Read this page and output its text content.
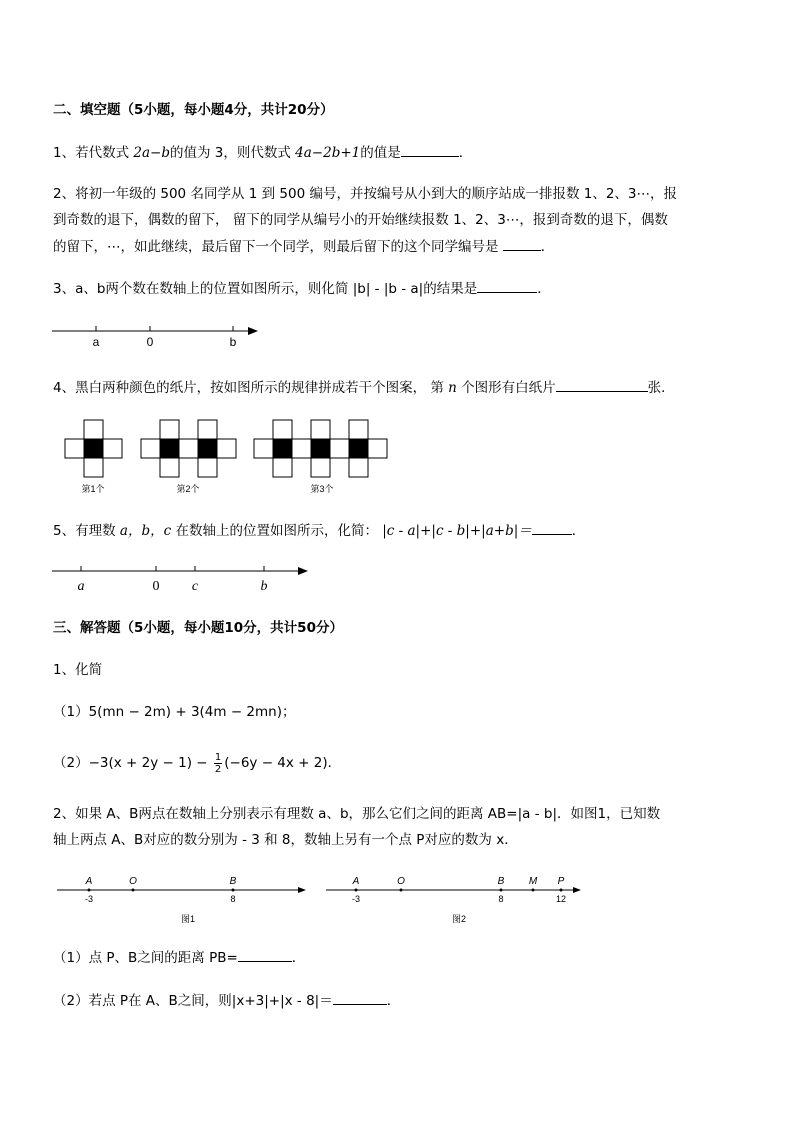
二、填空题（5小题，每小题4分，共计20分）
1、若代数式 2a−b的值为 3，则代数式 4a−2b+1的值是	．
2、将初一年级的 500 名同学从 1 到 500 编号，并按编号从小到大的顺序站成一排报数 1、2、3⋯，报
到奇数的退下，偶数的留下， 留下的同学从编号小的开始继续报数 1、2、3⋯，报到奇数的退下，偶数
的留下，⋯，如此继续，最后留下一个同学，则最后留下的这个同学编号是	．
3、a、b两个数在数轴上的位置如图所示，则化简 |b| - |b - a|的结果是	．
a	0	b
4、黑白两种颜色的纸片，按如图所示的规律拼成若干个图案， 第 n 个图形有白纸片	张．
第1个	第2个	第3个
5、有理数 a，b，c 在数轴上的位置如图所示，化简： |c - a|+|c - b|+|a+b|＝	．
a	0 c	b
三、解答题（5小题，每小题10分，共计50分）
1、化简
（1）5(mn − 2m) + 3(4m − 2mn)；
$(2)-3(x + 2y - 1) - \frac{1}{2} (-6y - 4x + 2)$．
2、如果 A、B两点在数轴上分别表示有理数 a、b，那么它们之间的距离 AB=|a - b|．如图1，已知数
轴上两点 A、B对应的数分别为 - 3 和 8，数轴上另有一个点 P对应的数为 x．
A	O	B
-3	8
图1
A	O	B M P
-3	8	12
图2
（1）点 P、B之间的距离 PB=	．
（2）若点 P在 A、B之间，则|x+3|+|x - 8|＝	．
